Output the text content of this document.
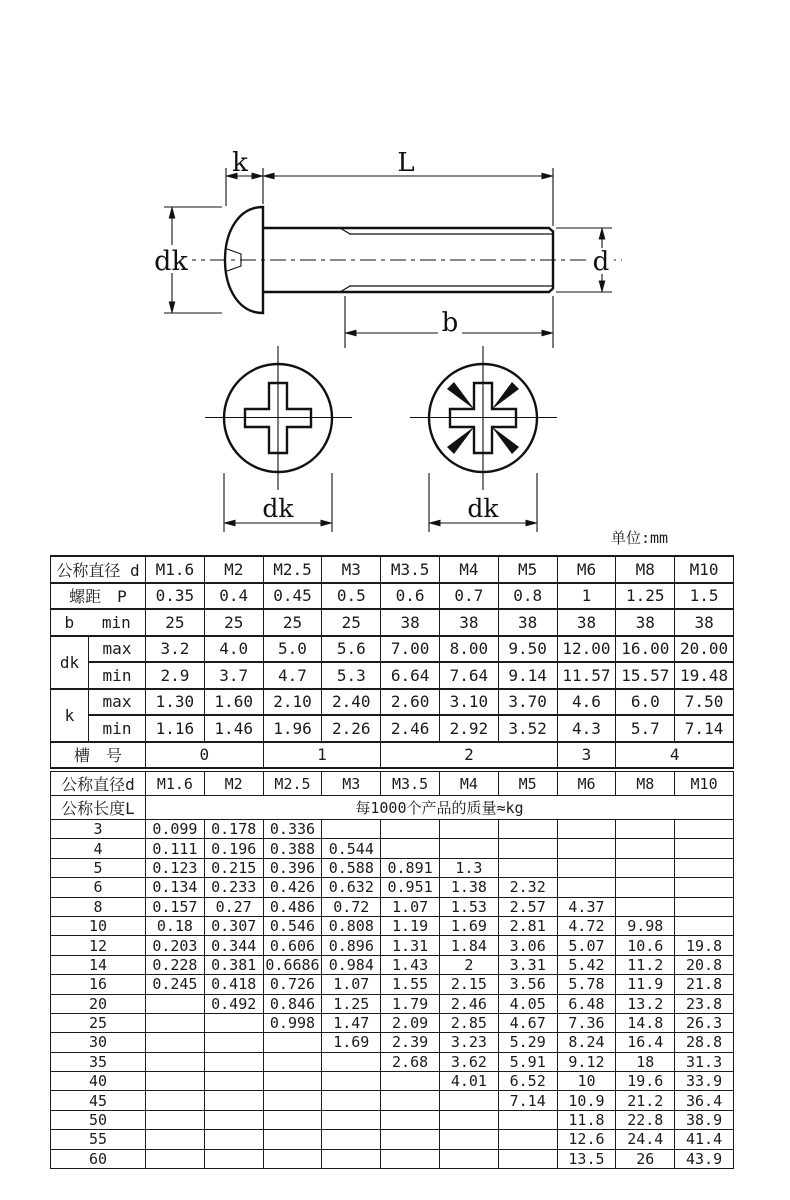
k	L
dk
b
d
dk	dk
单位:mm
公称直径 d		M1.6	M2	M2.5	M3	M3.5	M4	M5	M6	M8	M10
螺距　P		0.35	0.4	0.45	0.5	0.6	0.7	0.8	1	1.25	1.5

b min		25	25	25	25	38	38	38	38	38	38
dk	max	3.2	4.0	5.0	5.6	7.00	8.00	9.50	12.00	16.00	20.00
	min	2.9	3.7	4.7	5.3	6.64	7.64	9.14	11.57	15.57	19.48
k	max	1.30	1.60	2.10	2.40	2.60	3.10	3.70	4.6	6.0	7.50
	min	1.16	1.46	1.96	2.26	2.46	2.92	3.52	4.3	5.7	7.14
槽　号		0		1		2			3	4	
公称直径d	M1.6	M2	M2.5	M3	M3.5	M4	M5	M6	M8	M10
公称长度L	每1000个产品的质量≈kg									
3	0.099	0.178	0.336							
4	0.111	0.196	0.388	0.544						
5	0.123	0.215	0.396	0.588	0.891	1.3				
6	0.134	0.233	0.426	0.632	0.951	1.38	2.32			
8	0.157	0.27	0.486	0.72	1.07	1.53	2.57	4.37		
10	0.18	0.307	0.546	0.808	1.19	1.69	2.81	4.72	9.98	
12	0.203	0.344	0.606	0.896	1.31	1.84	3.06	5.07	10.6	19.8
14	0.228	0.381	0.6686	0.984	1.43	2	3.31	5.42	11.2	20.8
16	0.245	0.418	0.726	1.07	1.55	2.15	3.56	5.78	11.9	21.8
20		0.492	0.846	1.25	1.79	2.46	4.05	6.48	13.2	23.8
25			0.998	1.47	2.09	2.85	4.67	7.36	14.8	26.3
30				1.69	2.39	3.23	5.29	8.24	16.4	28.8
35					2.68	3.62	5.91	9.12	18	31.3
40						4.01	6.52	10	19.6	33.9
45							7.14	10.9	21.2	36.4
50								11.8	22.8	38.9
55								12.6	24.4	41.4
60								13.5	26	43.9
